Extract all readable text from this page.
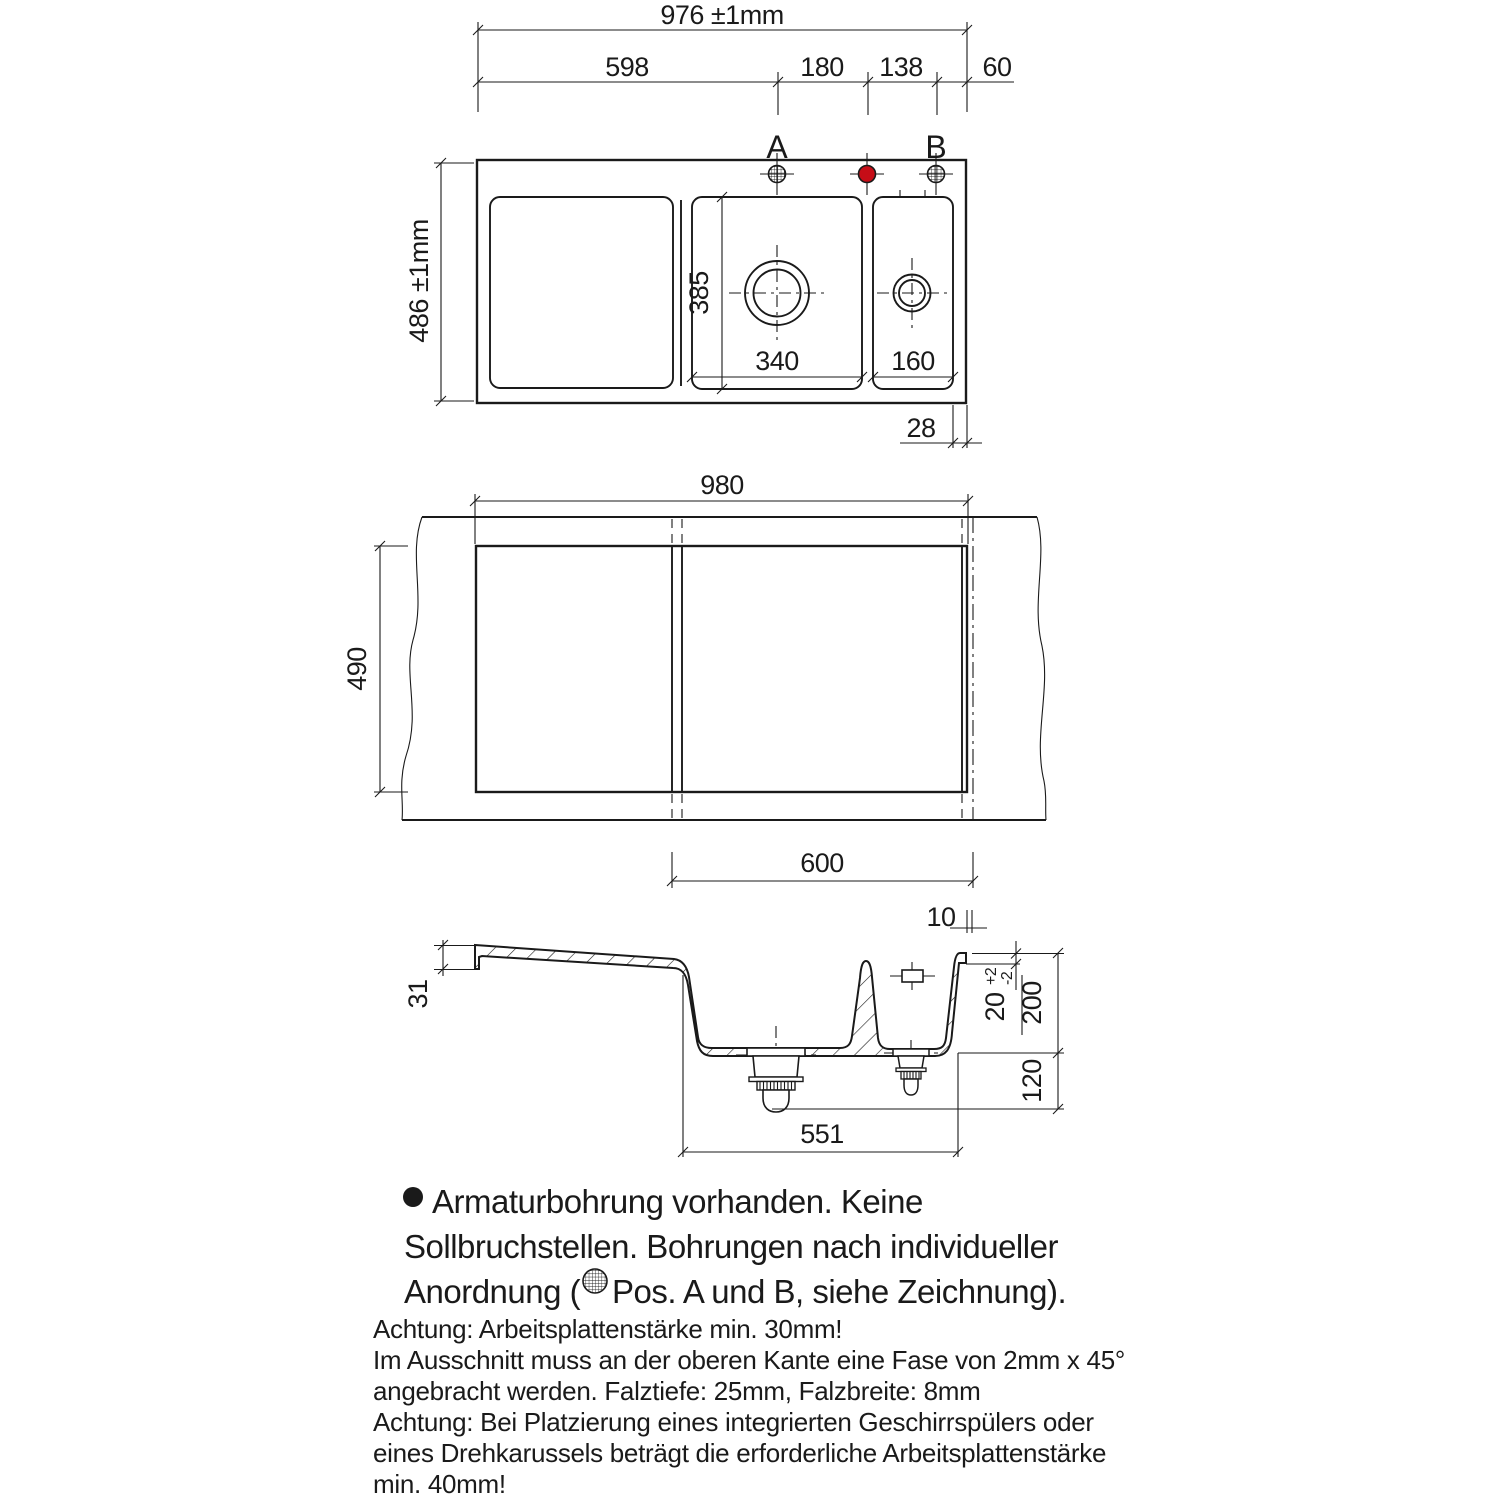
976 ±1mm
598	180 138 60
A	B
486 ±1mm	385
340	160
28
980
490
600
10
31	20
+2 -2
200
120
551
Armaturbohrung vorhanden. Keine
Sollbruchstellen. Bohrungen nach individueller
Anordnung ( Pos. A und B, siehe Zeichnung).
Achtung: Arbeitsplattenstärke min. 30mm!
Im Ausschnitt muss an der oberen Kante eine Fase von 2mm x 45°
angebracht werden. Falztiefe: 25mm, Falzbreite: 8mm
Achtung: Bei Platzierung eines integrierten Geschirrspülers oder
eines Drehkarussels beträgt die erforderliche Arbeitsplattenstärke
min. 40mm!
